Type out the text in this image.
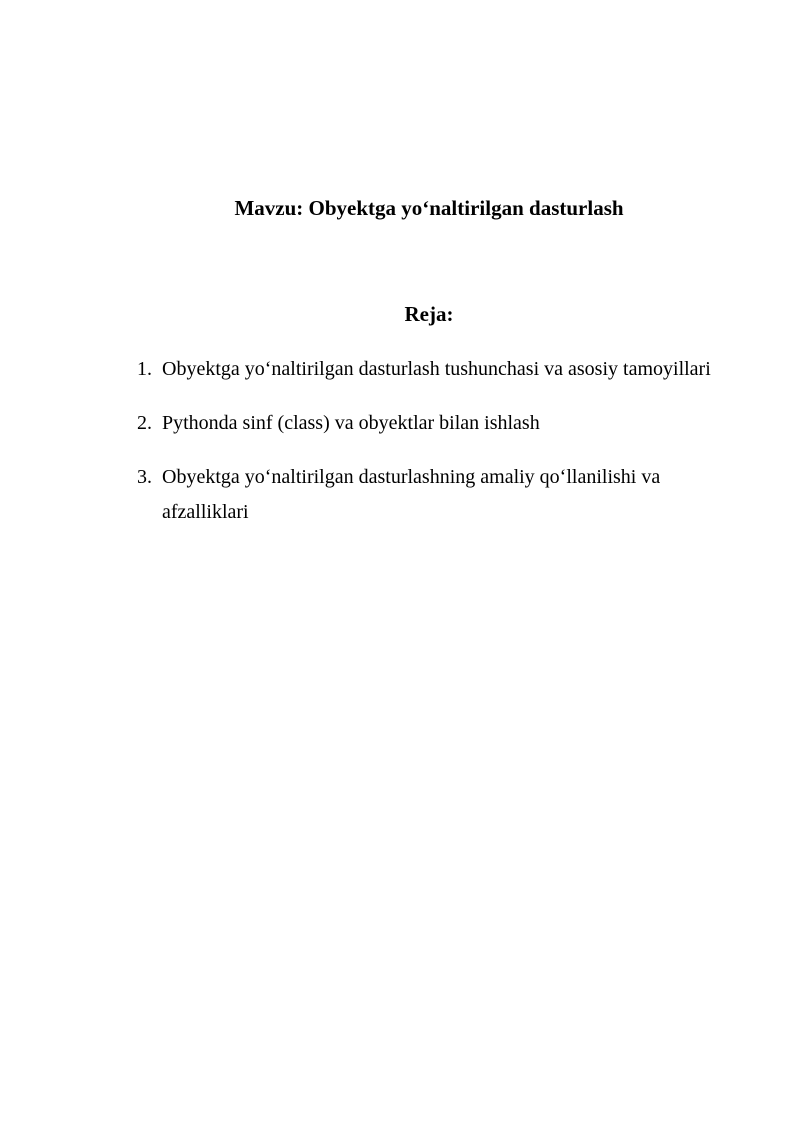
Mavzu: Obyektga yo‘naltirilgan dasturlash
Reja:
1. Obyektga yo‘naltirilgan dasturlash tushunchasi va asosiy tamoyillari
2. Pythonda sinf (class) va obyektlar bilan ishlash
3. Obyektga yo‘naltirilgan dasturlashning amaliy qo‘llanilishi va afzalliklari
